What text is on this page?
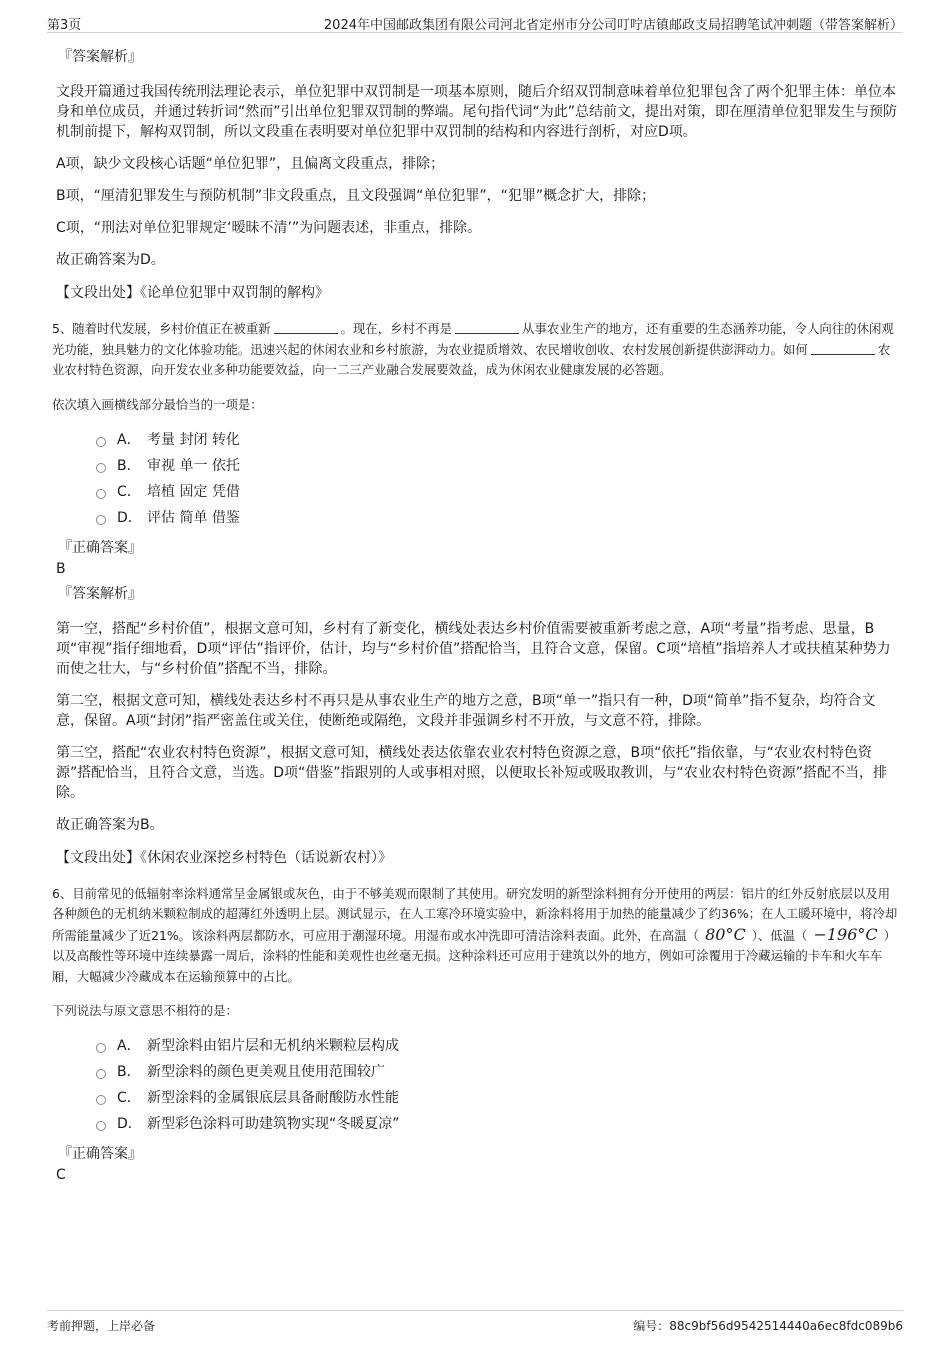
第3页	2024年中国邮政集团有限公司河北省定州市分公司叮咛店镇邮政支局招聘笔试冲刺题（带答案解析）
『答案解析』

文段开篇通过我国传统刑法理论表示，单位犯罪中双罚制是一项基本原则，随后介绍双罚制意味着单位犯罪包含了两个犯罪主体：单位本身和单位成员，并通过转折词“然而”引出单位犯罪双罚制的弊端。尾句指代词“为此”总结前文，提出对策，即在厘清单位犯罪发生与预防机制前提下，解构双罚制，所以文段重在表明要对单位犯罪中双罚制的结构和内容进行剖析，对应D项。

A项，缺少文段核心话题“单位犯罪”，且偏离文段重点，排除；

B项，“厘清犯罪发生与预防机制”非文段重点，且文段强调“单位犯罪”，“犯罪”概念扩大，排除；

C项，“刑法对单位犯罪规定‘暧昧不清’”为问题表述，非重点，排除。

故正确答案为D。

【文段出处】《论单位犯罪中双罚制的解构》

5、随着时代发展，乡村价值正在被重新	。现在，乡村不再是	从事农业生产的地方，还有重要的生态涵养功能，令人向往的休闲观光功能，独具魅力的文化体验功能。迅速兴起的休闲农业和乡村旅游，为农业提质增效、农民增收创收、农村发展创新提供澎湃动力。如何	农业农村特色资源，向开发农业多种功能要效益，向一二三产业融合发展要效益，成为休闲农业健康发展的必答题。

依次填入画横线部分最恰当的一项是：

A． 考量 封闭 转化
B． 审视 单一 依托
C． 培植 固定 凭借
D． 评估 简单 借鉴
『正确答案』
B
『答案解析』

第一空，搭配“乡村价值”，根据文意可知，乡村有了新变化，横线处表达乡村价值需要被重新考虑之意，A项“考量”指考虑、思量，B项“审视”指仔细地看，D项“评估”指评价，估计，均与“乡村价值”搭配恰当，且符合文意，保留。C项“培植”指培养人才或扶植某种势力而使之壮大，与“乡村价值”搭配不当，排除。

第二空，根据文意可知，横线处表达乡村不再只是从事农业生产的地方之意，B项“单一”指只有一种，D项“简单”指不复杂，均符合文意，保留。A项“封闭”指严密盖住或关住，使断绝或隔绝，文段并非强调乡村不开放，与文意不符，排除。

第三空，搭配“农业农村特色资源”，根据文意可知，横线处表达依靠农业农村特色资源之意，B项“依托”指依靠，与“农业农村特色资源”搭配恰当，且符合文意，当选。D项“借鉴”指跟别的人或事相对照，以便取长补短或吸取教训，与“农业农村特色资源”搭配不当，排除。

故正确答案为B。

【文段出处】《休闲农业深挖乡村特色（话说新农村）》

6、目前常见的低辐射率涂料通常呈金属银或灰色，由于不够美观而限制了其使用。研究发明的新型涂料拥有分开使用的两层：铝片的红外反射底层以及用各种颜色的无机纳米颗粒制成的超薄红外透明上层。测试显示，在人工寒冷环境实验中，新涂料将用于加热的能量减少了约36%；在人工暖环境中，将冷却所需能量减少了近21%。该涂料两层都防水，可应用于潮湿环境。用湿布或水冲洗即可清洁涂料表面。此外，在高温（ 80°C ）、低温（ −196°C ）以及高酸性等环境中连续暴露一周后，涂料的性能和美观性也丝毫无损。这种涂料还可应用于建筑以外的地方，例如可涂覆用于冷藏运输的卡车和火车车厢，大幅减少冷藏成本在运输预算中的占比。

下列说法与原文意思不相符的是：

A． 新型涂料由铝片层和无机纳米颗粒层构成
B． 新型涂料的颜色更美观且使用范围较广
C． 新型涂料的金属银底层具备耐酸防水性能
D． 新型彩色涂料可助建筑物实现“冬暖夏凉”
『正确答案』
C
考前押题，上岸必备	编号：88c9bf56d9542514440a6ec8fdc089b6
